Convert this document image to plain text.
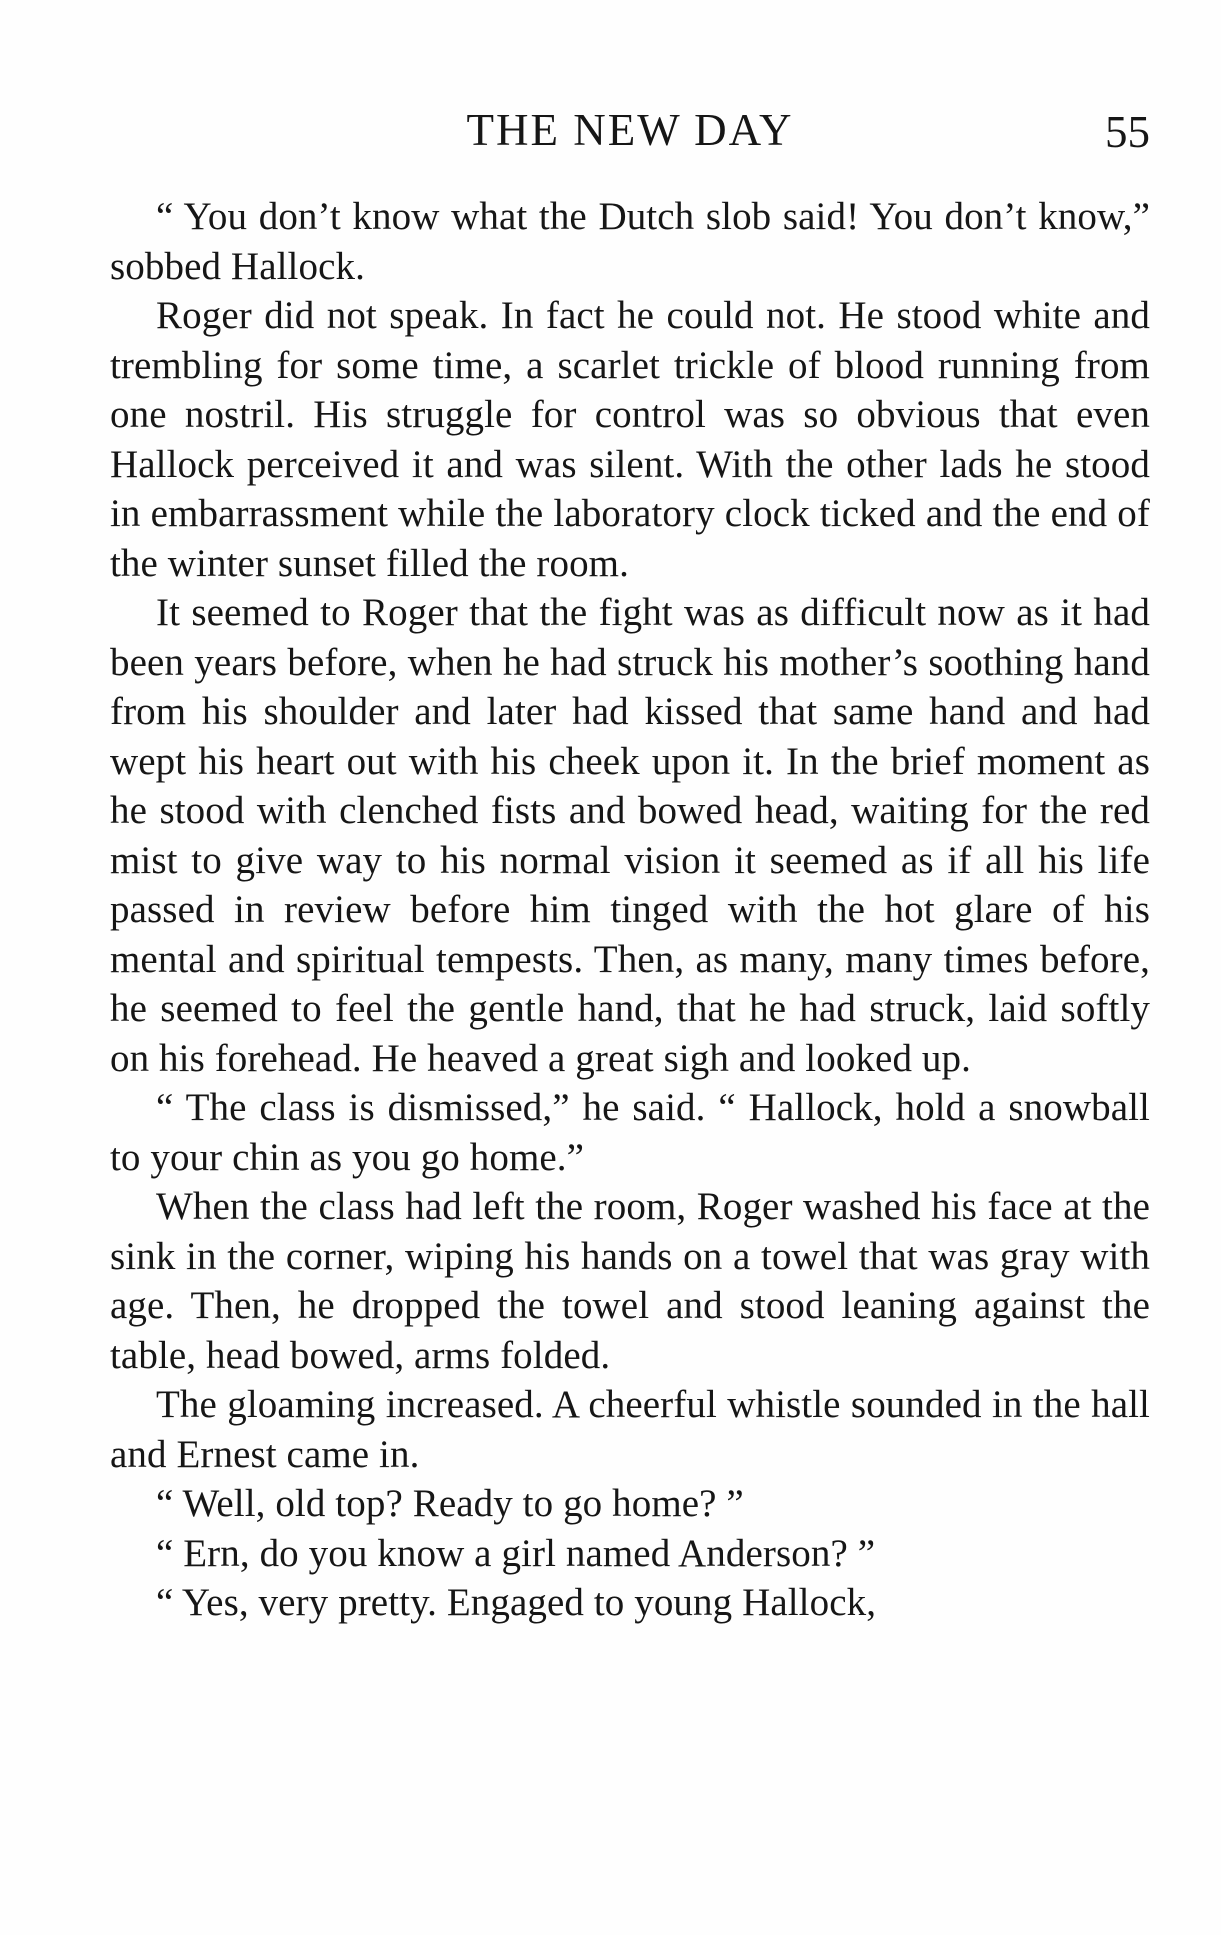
THE NEW DAY	55

“ You don’t know what the Dutch slob said! You don’t know,” sobbed Hallock.

Roger did not speak. In fact he could not. He stood white and trembling for some time, a scarlet trickle of blood running from one nostril. His struggle for control was so obvious that even Hallock perceived it and was silent. With the other lads he stood in embarrassment while the laboratory clock ticked and the end of the winter sunset filled the room.

It seemed to Roger that the fight was as difficult now as it had been years before, when he had struck his mother’s soothing hand from his shoulder and later had kissed that same hand and had wept his heart out with his cheek upon it. In the brief moment as he stood with clenched fists and bowed head, waiting for the red mist to give way to his normal vision it seemed as if all his life passed in review before him tinged with the hot glare of his mental and spiritual tempests. Then, as many, many times before, he seemed to feel the gentle hand, that he had struck, laid softly on his forehead. He heaved a great sigh and looked up.

“ The class is dismissed,” he said. “ Hallock, hold a snowball to your chin as you go home.”

When the class had left the room, Roger washed his face at the sink in the corner, wiping his hands on a towel that was gray with age. Then, he dropped the towel and stood leaning against the table, head bowed, arms folded.

The gloaming increased. A cheerful whistle sounded in the hall and Ernest came in.

“ Well, old top? Ready to go home? ”

“ Ern, do you know a girl named Anderson? ”

“ Yes, very pretty. Engaged to young Hallock,
